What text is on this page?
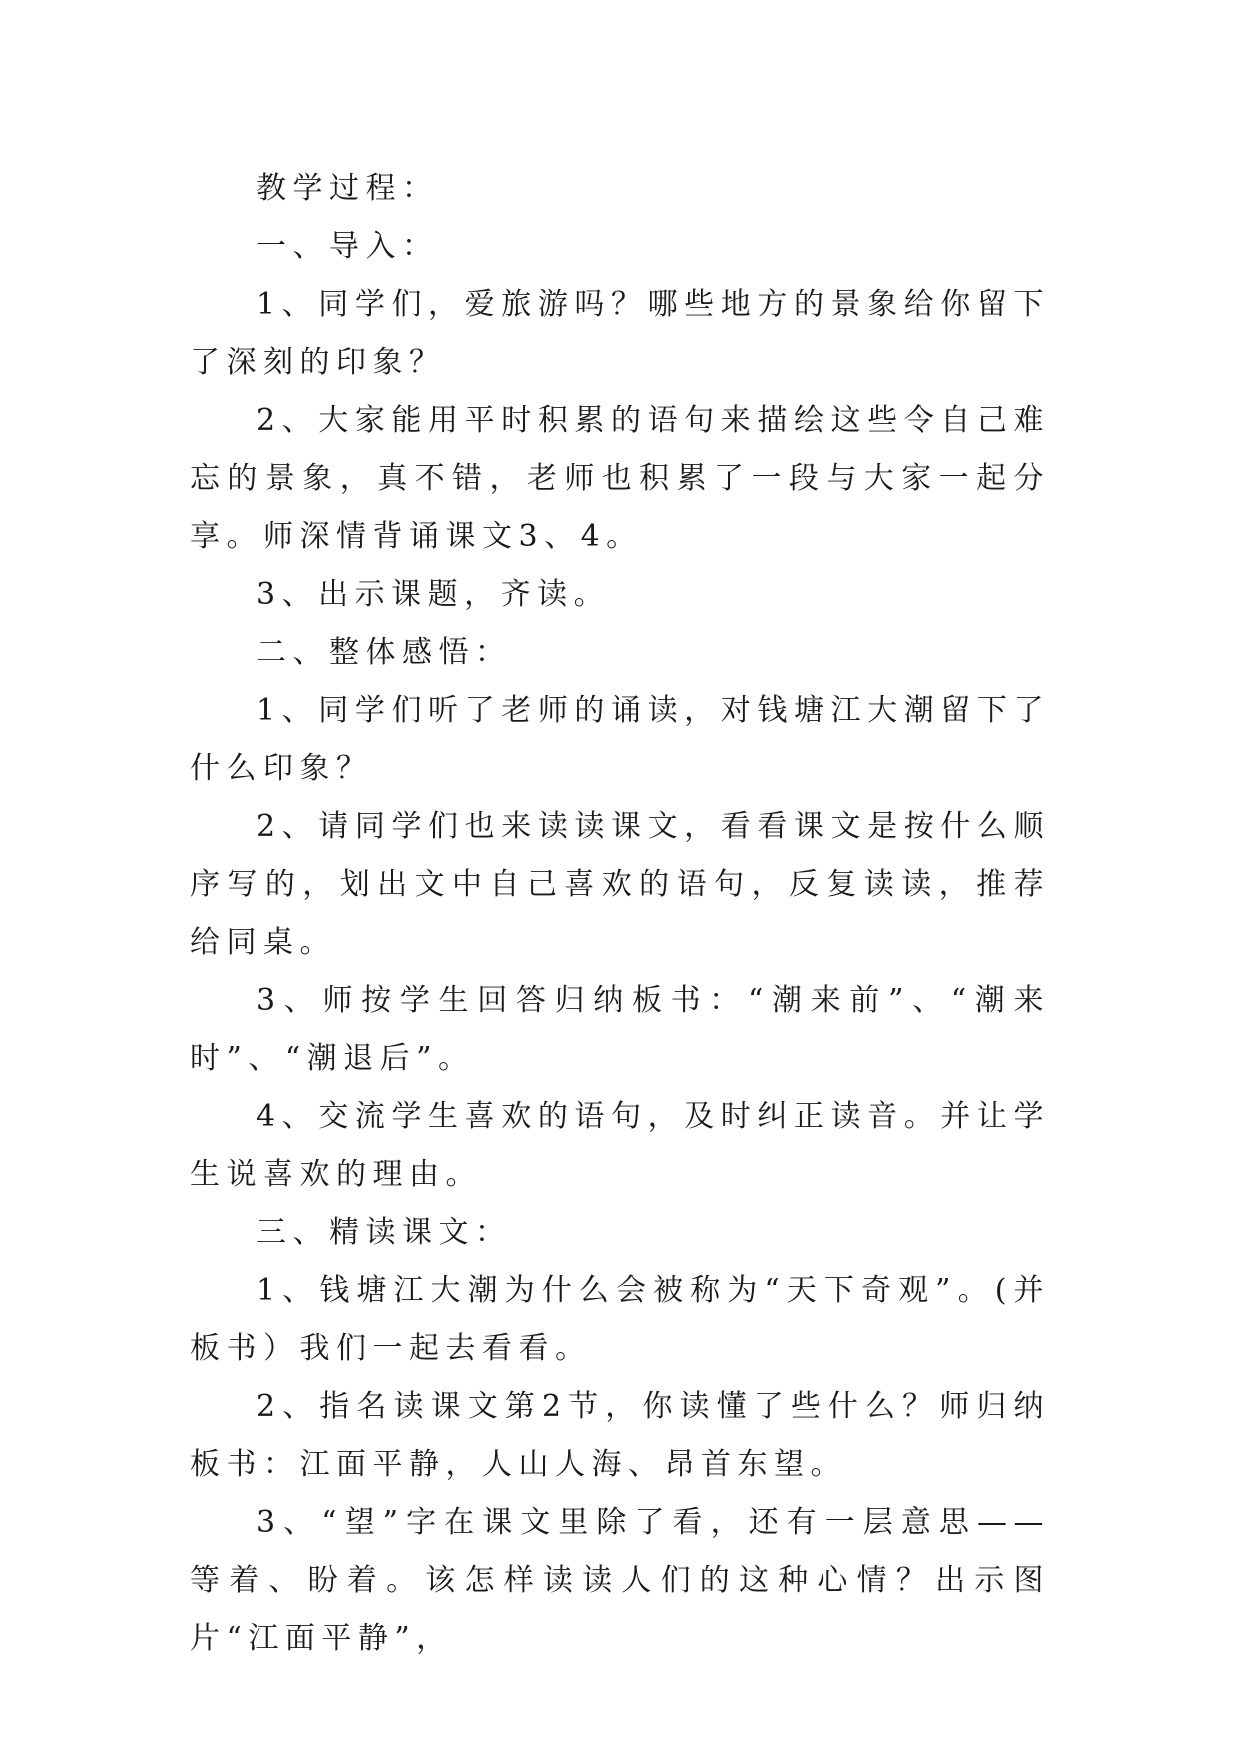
教学过程：

一、导入：

1、同学们，爱旅游吗？哪些地方的景象给你留下了深刻的印象？

2、大家能用平时积累的语句来描绘这些令自己难忘的景象，真不错，老师也积累了一段与大家一起分享。师深情背诵课文3、4。

3、出示课题，齐读。

二、整体感悟：

1、同学们听了老师的诵读，对钱塘江大潮留下了什么印象？

2、请同学们也来读读课文，看看课文是按什么顺序写的，划出文中自己喜欢的语句，反复读读，推荐给同桌。

3、师按学生回答归纳板书：“潮来前”、“潮来时”、“潮退后”。

4、交流学生喜欢的语句，及时纠正读音。并让学生说喜欢的理由。

三、精读课文：

1、钱塘江大潮为什么会被称为“天下奇观”。(并板书）我们一起去看看。

2、指名读课文第2节，你读懂了些什么？师归纳板书：江面平静，人山人海、昂首东望。

3、“望”字在课文里除了看，还有一层意思——等着、盼着。该怎样读读人们的这种心情？出示图片“江面平静”，
